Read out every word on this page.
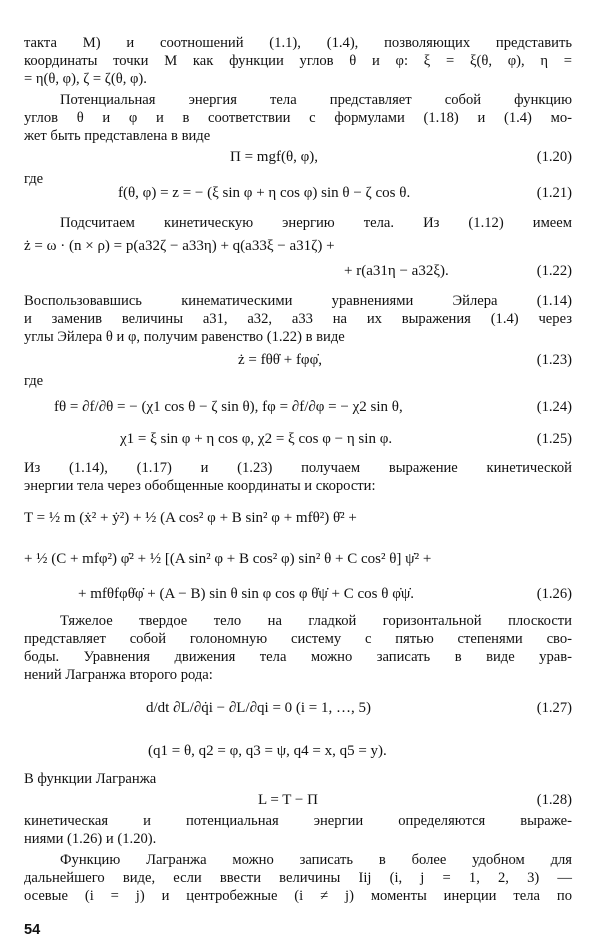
такта M) и соотношений (1.1), (1.4), позволяющих представить
координаты точки M как функции углов θ и φ: ξ = ξ(θ, φ), η =
= η(θ, φ), ζ = ζ(θ, φ).
Потенциальная энергия тела представляет собой функцию
углов θ и φ и в соответствии с формулами (1.18) и (1.4) мо-
жет быть представлена в виде
где
Подсчитаем кинетическую энергию тела. Из (1.12) имеем
Воспользовавшись кинематическими уравнениями Эйлера (1.14)
и заменив величины a31, a32, a33 на их выражения (1.4) через
углы Эйлера θ и φ, получим равенство (1.22) в виде
где
Из (1.14), (1.17) и (1.23) получаем выражение кинетической
энергии тела через обобщенные координаты и скорости:
Тяжелое твердое тело на гладкой горизонтальной плоскости
представляет собой голономную систему с пятью степенями сво-
боды. Уравнения движения тела можно записать в виде урав-
нений Лагранжа второго рода:
В функции Лагранжа
кинетическая и потенциальная энергии определяются выраже-
ниями (1.26) и (1.20).
Функцию Лагранжа можно записать в более удобном для
дальнейшего виде, если ввести величины Iij (i, j = 1, 2, 3) —
осевые (i = j) и центробежные (i ≠ j) моменты инерции тела по
Π = mgf(θ, φ),	(1.20)
f(θ, φ) = z = − (ξ sin φ + η cos φ) sin θ − ζ cos θ.	(1.21)
ż = ω · (n × ρ) = p(a32ζ − a33η) + q(a33ξ − a31ζ) +
+ r(a31η − a32ξ).	(1.22)
ż = fθθ̇ + fφφ̇,	(1.23)
fθ = ∂f/∂θ = − (χ1 cos θ − ζ sin θ), fφ = ∂f/∂φ = − χ2 sin θ,	(1.24)
χ1 = ξ sin φ + η cos φ, χ2 = ξ cos φ − η sin φ.	(1.25)
T = ½ m (ẋ² + ẏ²) + ½ (A cos² φ + B sin² φ + mfθ²) θ̇² +
+ ½ (C + mfφ²) φ̇² + ½ [(A sin² φ + B cos² φ) sin² θ + C cos² θ] ψ̇² +
+ mfθfφθ̇φ̇ + (A − B) sin θ sin φ cos φ θ̇ψ̇ + C cos θ φ̇ψ̇.	(1.26)
d/dt ∂L/∂q̇i − ∂L/∂qi = 0 (i = 1, …, 5)	(1.27)
(q1 = θ, q2 = φ, q3 = ψ, q4 = x, q5 = y).
L = T − Π	(1.28)
54
